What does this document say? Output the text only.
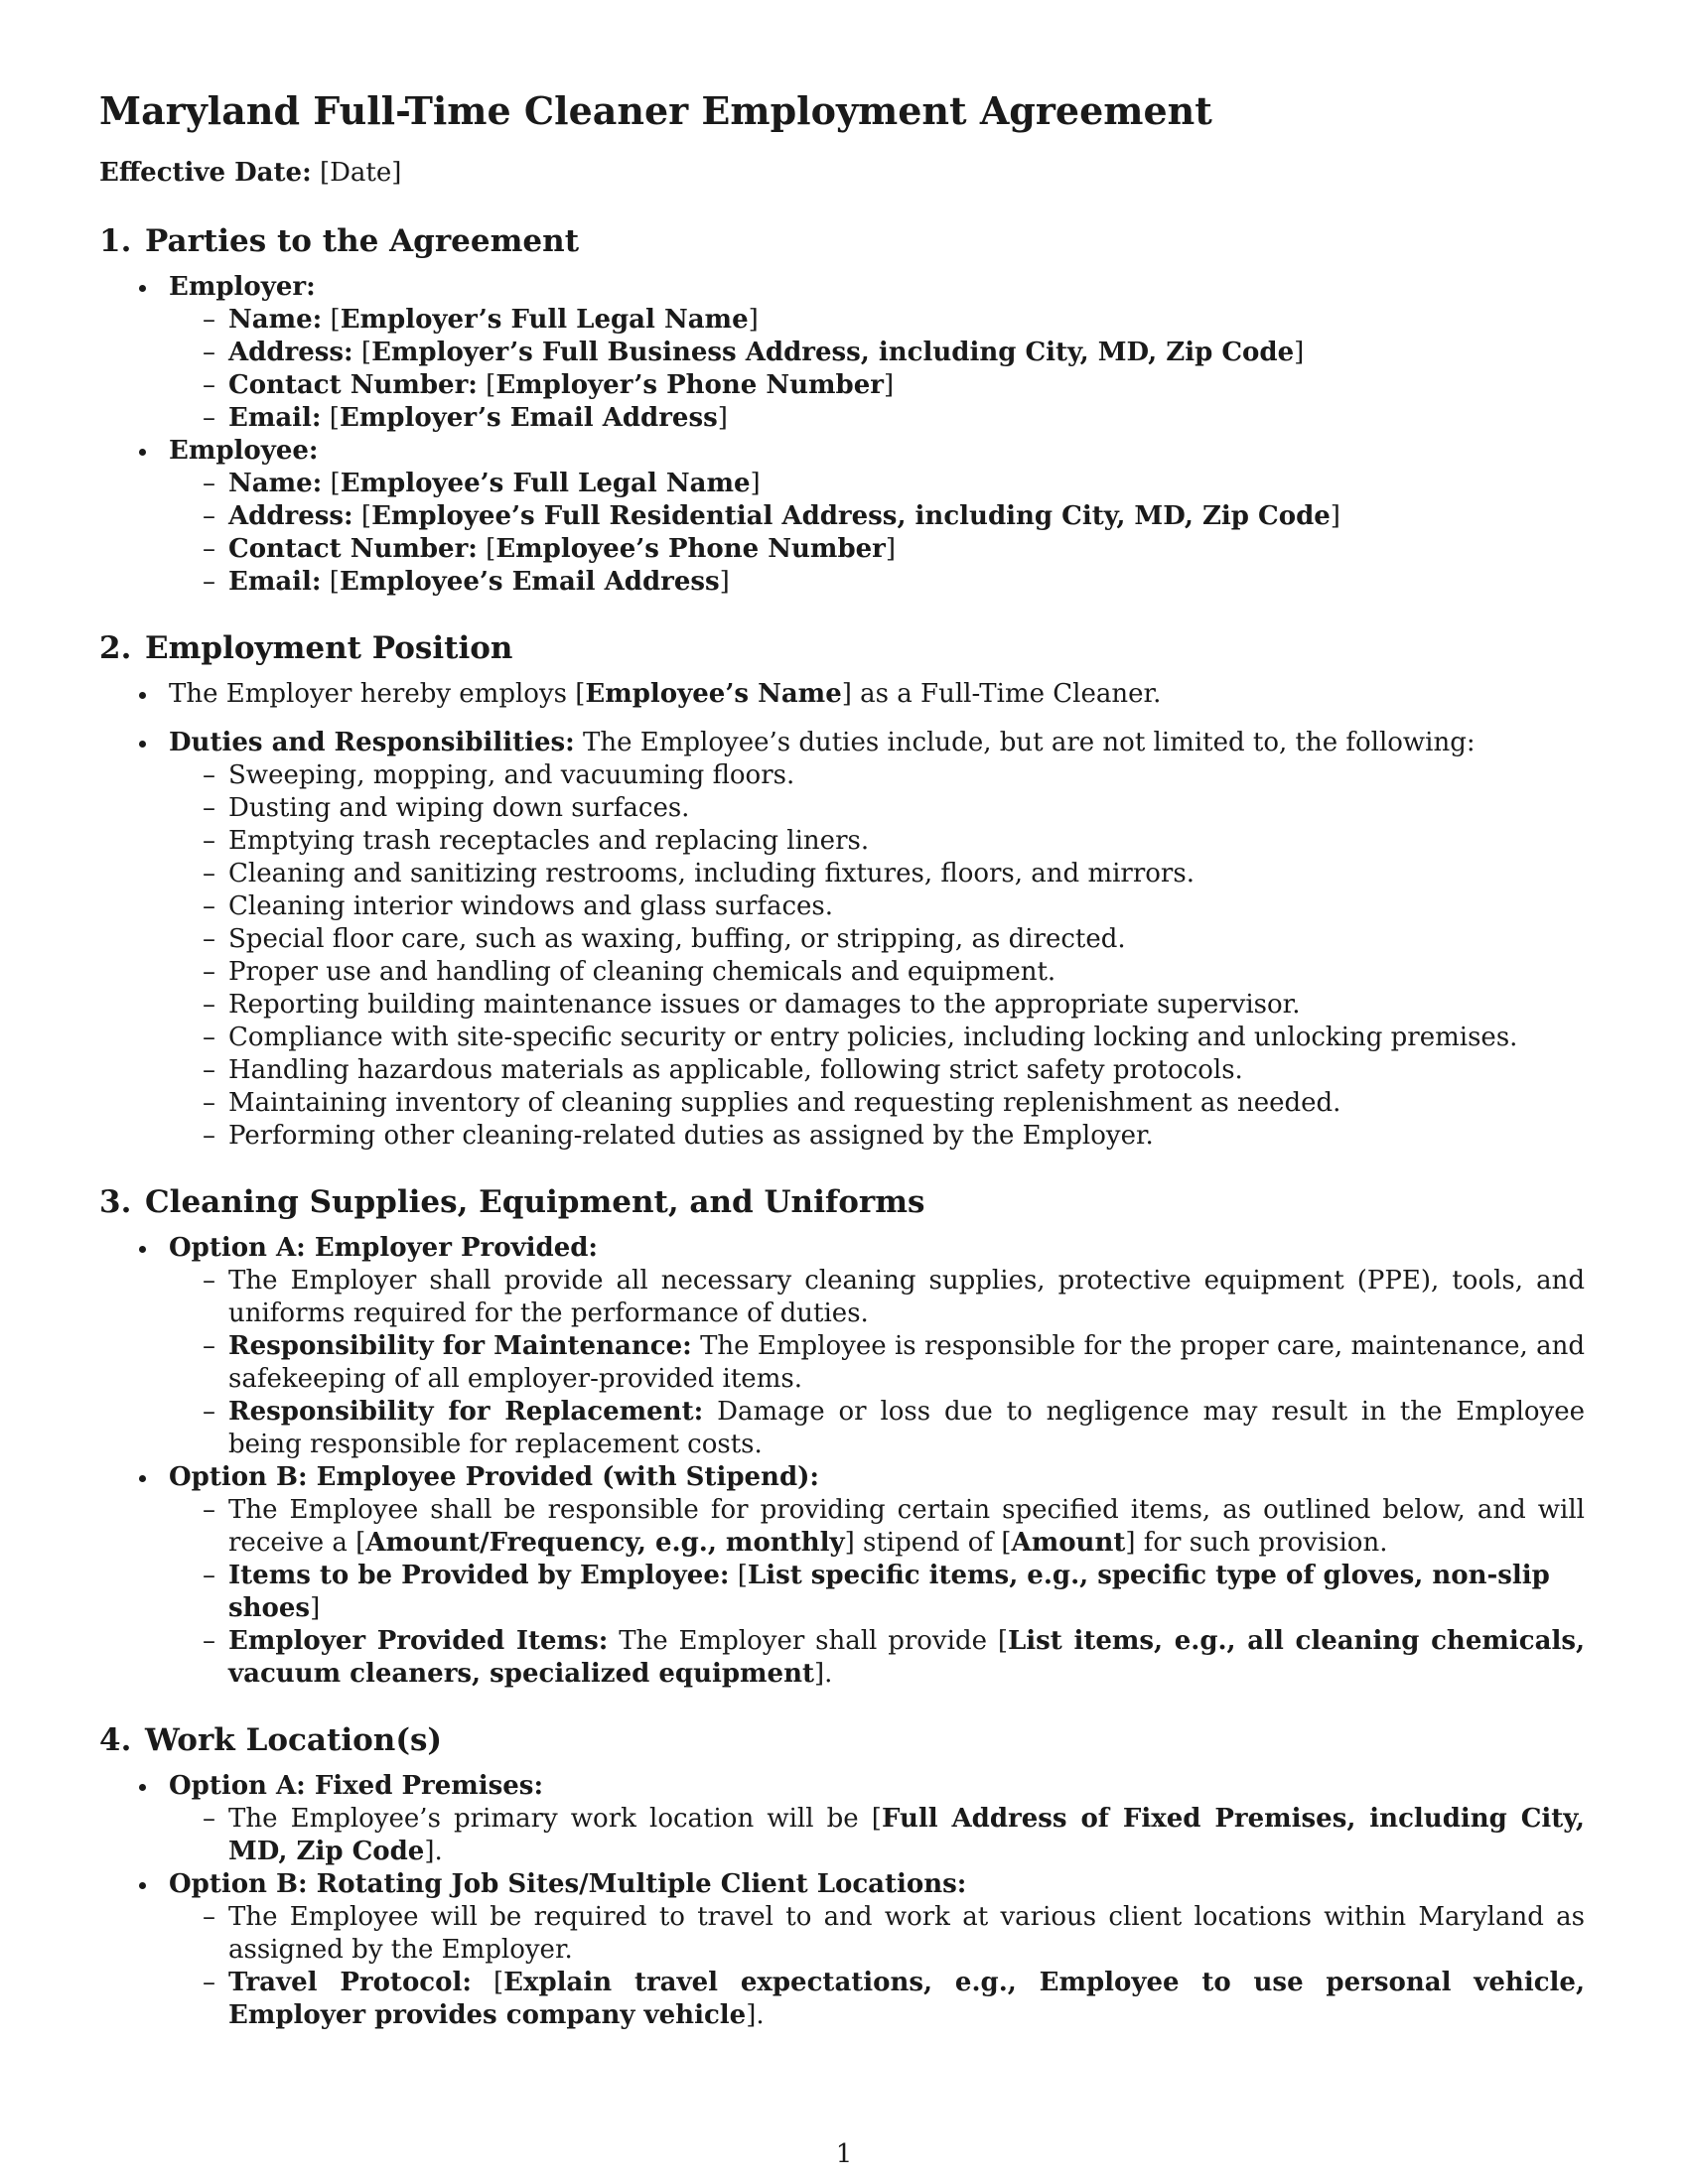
Maryland Full-Time Cleaner Employment Agreement

Effective Date: [Date]

1. Parties to the Agreement
Employer:
– Name: [Employer’s Full Legal Name]
– Address: [Employer’s Full Business Address, including City, MD, Zip Code]
– Contact Number: [Employer’s Phone Number]
– Email: [Employer’s Email Address]
Employee:
– Name: [Employee’s Full Legal Name]
– Address: [Employee’s Full Residential Address, including City, MD, Zip Code]
– Contact Number: [Employee’s Phone Number]
– Email: [Employee’s Email Address]
2. Employment Position
The Employer hereby employs [Employee’s Name] as a Full-Time Cleaner.
Duties and Responsibilities: The Employee’s duties include, but are not limited to, the following:
– Sweeping, mopping, and vacuuming floors.
– Dusting and wiping down surfaces.
– Emptying trash receptacles and replacing liners.
– Cleaning and sanitizing restrooms, including fixtures, floors, and mirrors.
– Cleaning interior windows and glass surfaces.
– Special floor care, such as waxing, buffing, or stripping, as directed.
– Proper use and handling of cleaning chemicals and equipment.
– Reporting building maintenance issues or damages to the appropriate supervisor.
– Compliance with site-specific security or entry policies, including locking and unlocking premises.
– Handling hazardous materials as applicable, following strict safety protocols.
– Maintaining inventory of cleaning supplies and requesting replenishment as needed.
– Performing other cleaning-related duties as assigned by the Employer.
3. Cleaning Supplies, Equipment, and Uniforms
Option A: Employer Provided:
– The Employer shall provide all necessary cleaning supplies, protective equipment (PPE), tools, and uniforms required for the performance of duties.
– Responsibility for Maintenance: The Employee is responsible for the proper care, maintenance, and safekeeping of all employer-provided items.
– Responsibility for Replacement: Damage or loss due to negligence may result in the Employee being responsible for replacement costs.
Option B: Employee Provided (with Stipend):
– The Employee shall be responsible for providing certain specified items, as outlined below, and will receive a [Amount/Frequency, e.g., monthly] stipend of [Amount] for such provision.
– Items to be Provided by Employee: [List specific items, e.g., specific type of gloves, non-slip shoes]
– Employer Provided Items: The Employer shall provide [List items, e.g., all cleaning chemicals, vacuum cleaners, specialized equipment].
4. Work Location(s)
Option A: Fixed Premises:
– The Employee’s primary work location will be [Full Address of Fixed Premises, including City, MD, Zip Code].
Option B: Rotating Job Sites/Multiple Client Locations:
– The Employee will be required to travel to and work at various client locations within Maryland as assigned by the Employer.
– Travel Protocol: [Explain travel expectations, e.g., Employee to use personal vehicle, Employer provides company vehicle].
1
